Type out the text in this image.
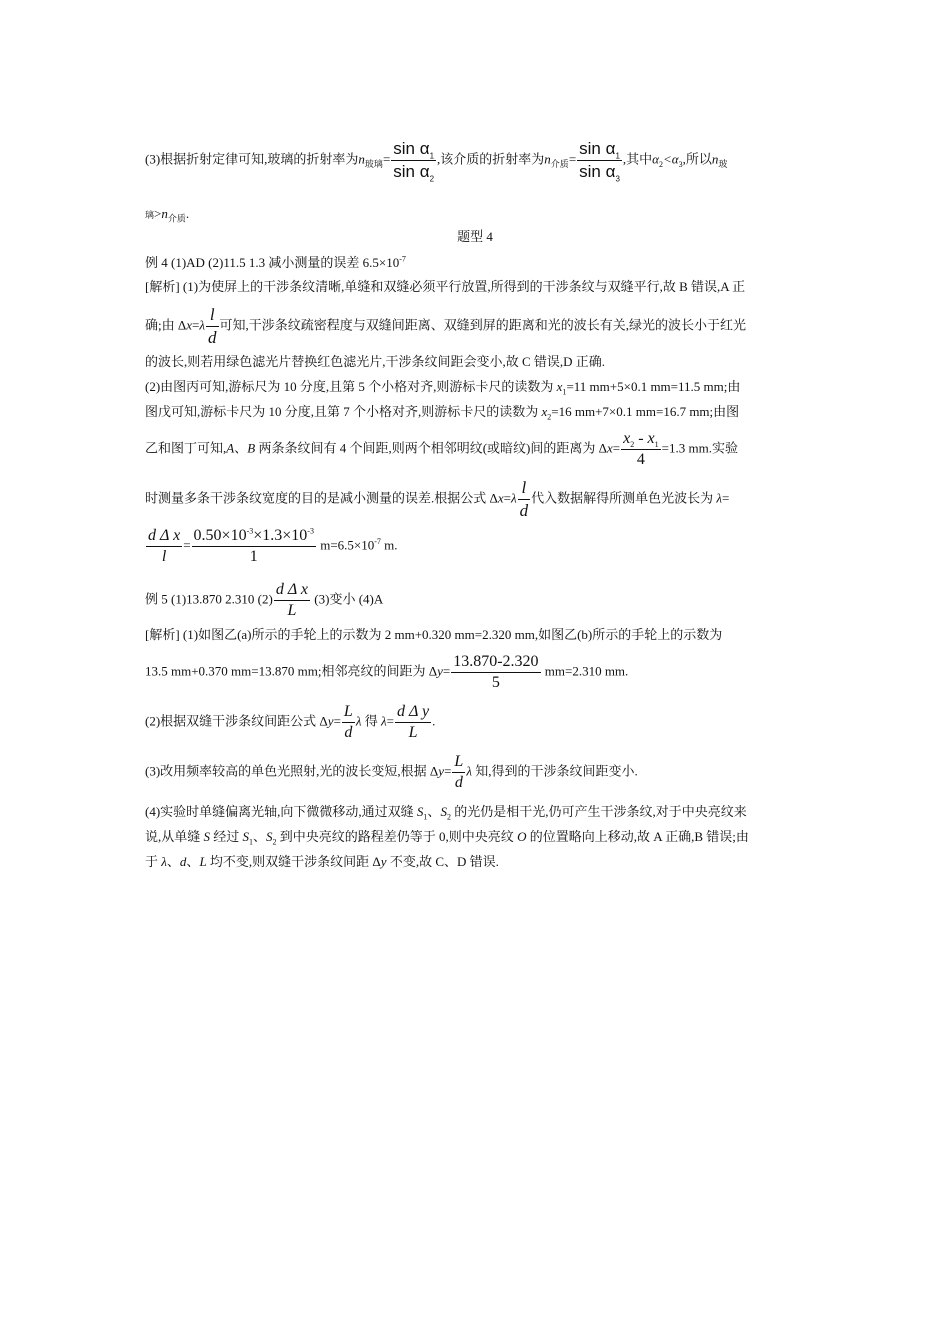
(3)根据折射定律可知,玻璃的折射率为$n_{玻璃}= \frac{\sin \alpha_1}{\sin \alpha_2}$ ,该介质的折射率为$n_{介质}= \frac{\sin \alpha_1}{\sin \alpha_3}$ ,其中$\alpha_2<\alpha_3$,所以$n_玻$
璃$>n_{介质}$.
题型 4
例 4 (1)AD (2)11.5 1.3 减小测量的误差 $6.5\times 10^{-7}$
[解析] (1)为使屏上的干涉条纹清晰,单缝和双缝必须平行放置,所得到的干涉条纹与双缝平行,故 B 错误,A 正
确;由 $\Delta x=\lambda \frac{l}{d}$ 可知,干涉条纹疏密程度与双缝间距离、双缝到屏的距离和光的波长有关,绿光的波长小于红光
的波长,则若用绿色滤光片替换红色滤光片,干涉条纹间距会变小,故 C 错误,D 正确.
(2)由图丙可知,游标尺为 10 分度,且第 5 个小格对齐,则游标卡尺的读数为 $x_1=11$ mm+5×0.1 mm=11.5 mm;由
图戊可知,游标卡尺为 10 分度,且第 7 个小格对齐,则游标卡尺的读数为 $x_2=16$ mm+7×0.1 mm=16.7 mm;由图
乙和图丁可知,A、B 两条条纹间有 4 个间距,则两个相邻明纹(或暗纹)间的距离为 $\Delta x= \frac{x_2 - x_1}{4} =1.3$ mm.实验
时测量多条干涉条纹宽度的目的是减小测量的误差.根据公式 $\Delta x=\lambda \frac{l}{d}$ 代入数据解得所测单色光波长为 λ=
$\frac{\text{d Δ x}}{l} = \frac{0.50\times 10^{-3}\times 1.3\times 10^{-3}}{1} m=6.5\times 10^{-7}$ m.
例 5 (1)13.870 2.310 $(2) \frac{\text{d Δ x}}{L} (3)$变小 (4)A
[解析] (1)如图乙(a)所示的手轮上的示数为 2 mm+0.320 mm=2.320 mm,如图乙(b)所示的手轮上的示数为
13.5 mm+0.370 mm=13.870 mm;相邻亮纹的间距为 $\Delta y= \frac{13.870-2.320}{5} mm=2.310$ mm.
(2)根据双缝干涉条纹间距公式 $\Delta y= \frac{L}{d}$ λ 得 $\lambda= \frac{\text{d Δ y}}{L}$ .
(3)改用频率较高的单色光照射,光的波长变短,根据 $\Delta y= \frac{L}{d}$ λ 知,得到的干涉条纹间距变小.
(4)实验时单缝偏离光轴,向下微微移动,通过双缝 $S_1$、$S_2$ 的光仍是相干光,仍可产生干涉条纹,对于中央亮纹来
说,从单缝 S 经过 $S_1$、$S_2$ 到中央亮纹的路程差仍等于 0,则中央亮纹 O 的位置略向上移动,故 A 正确,B 错误;由
于 λ、d、L 均不变,则双缝干涉条纹间距 Δy 不变,故 C、D 错误.
